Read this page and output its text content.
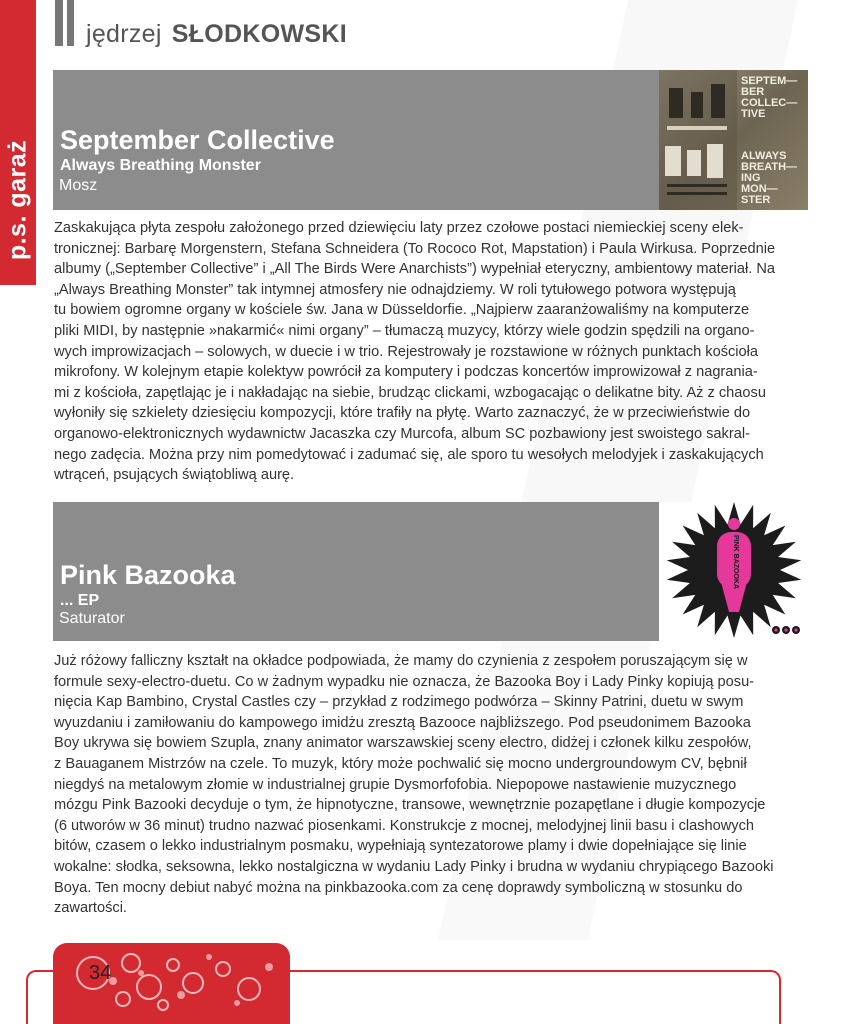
p.s. garaż
jędrzej SŁODKOWSKI
September Collective
Always Breathing Monster
Mosz
SEPTEM— BER COLLEC— TIVE ALWAYS BREATH— ING MON— STER
Zaskakująca płyta zespołu założonego przed dziewięciu laty przez czołowe postaci niemieckiej sceny elek-
tronicznej: Barbarę Morgenstern, Stefana Schneidera (To Rococo Rot, Mapstation) i Paula Wirkusa. Poprzednie
albumy („September Collective” i „All The Birds Were Anarchists”) wypełniał eteryczny, ambientowy materiał. Na
„Always Breathing Monster” tak intymnej atmosfery nie odnajdziemy. W roli tytułowego potwora występują
tu bowiem ogromne organy w kościele św. Jana w Düsseldorfie. „Najpierw zaaranżowaliśmy na komputerze
pliki MIDI, by następnie »nakarmić« nimi organy” – tłumaczą muzycy, którzy wiele godzin spędzili na organo-
wych improwizacjach – solowych, w duecie i w trio. Rejestrowały je rozstawione w różnych punktach kościoła
mikrofony. W kolejnym etapie kolektyw powrócił za komputery i podczas koncertów improwizował z nagrania-
mi z kościoła, zapętlając je i nakładając na siebie, brudząc clickami, wzbogacając o delikatne bity. Aż z chaosu
wyłoniły się szkielety dziesięciu kompozycji, które trafiły na płytę. Warto zaznaczyć, że w przeciwieństwie do
organowo-elektronicznych wydawnictw Jacaszka czy Murcofa, album SC pozbawiony jest swoistego sakral-
nego zadęcia. Można przy nim pomedytować i zadumać się, ale sporo tu wesołych melodyjek i zaskakujących
wtrąceń, psujących świątobliwą aurę.
Pink Bazooka
... EP
Saturator
PINK BAZOOKA
Już różowy falliczny kształt na okładce podpowiada, że mamy do czynienia z zespołem poruszającym się w
formule sexy-electro-duetu. Co w żadnym wypadku nie oznacza, że Bazooka Boy i Lady Pinky kopiują posu-
nięcia Kap Bambino, Crystal Castles czy – przykład z rodzimego podwórza – Skinny Patrini, duetu w swym
wyuzdaniu i zamiłowaniu do kampowego imidżu zresztą Bazooce najbliższego. Pod pseudonimem Bazooka
Boy ukrywa się bowiem Szupla, znany animator warszawskiej sceny electro, didżej i członek kilku zespołów,
z Bauaganem Mistrzów na czele. To muzyk, który może pochwalić się mocno undergroundowym CV, bębnił
niegdyś na metalowym złomie w industrialnej grupie Dysmorfofobia. Niepopowe nastawienie muzycznego
mózgu Pink Bazooki decyduje o tym, że hipnotyczne, transowe, wewnętrznie pozapętlane i długie kompozycje
(6 utworów w 36 minut) trudno nazwać piosenkami. Konstrukcje z mocnej, melodyjnej linii basu i clashowych
bitów, czasem o lekko industrialnym posmaku, wypełniają syntezatorowe plamy i dwie dopełniające się linie
wokalne: słodka, seksowna, lekko nostalgiczna w wydaniu Lady Pinky i brudna w wydaniu chrypiącego Bazooki
Boya. Ten mocny debiut nabyć można na pinkbazooka.com za cenę doprawdy symboliczną w stosunku do
zawartości.
34
